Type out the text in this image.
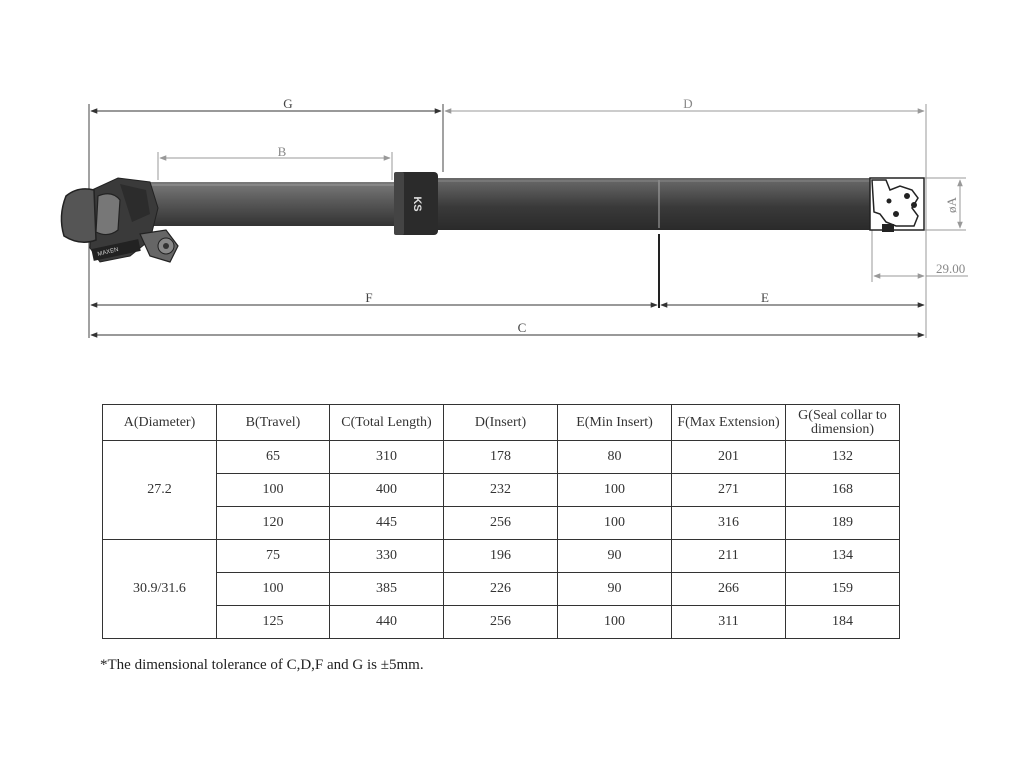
G	D
B
øA
29.00
F	E
C
KS
MAXEN
A(Diameter)	B(Travel)	C(Total Length)	D(Insert)	E(Min Insert)	F(Max Extension)	G(Seal collar to dimension)
27.2	65	310	178	80	201	132
	100	400	232	100	271	168
	120	445	256	100	316	189
30.9/31.6	75	330	196	90	211	134
	100	385	226	90	266	159
	125	440	256	100	311	184
*The dimensional tolerance of C,D,F and G is ±5mm.
